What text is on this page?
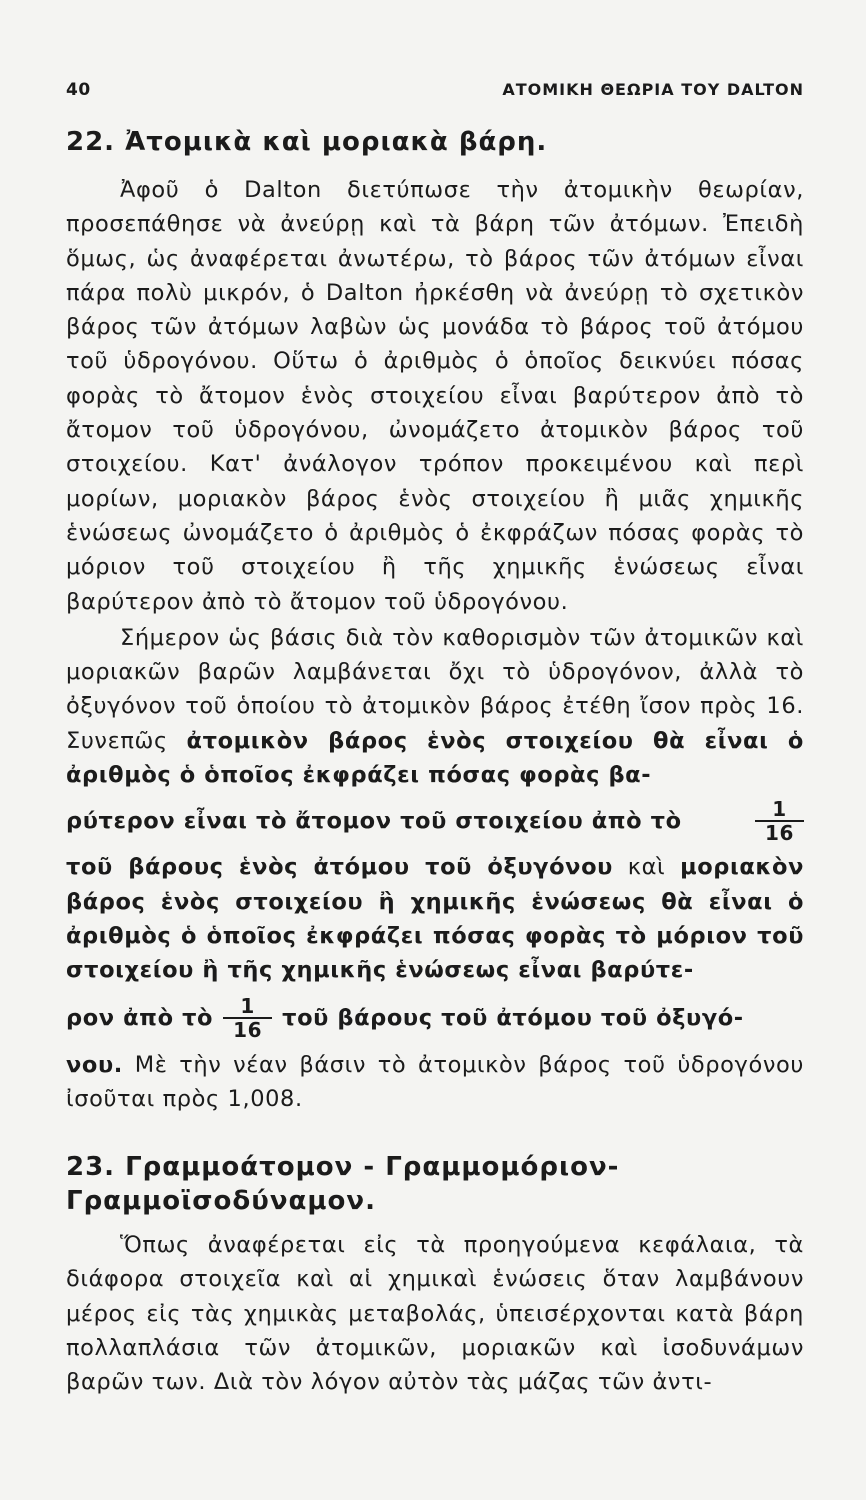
40	ΑΤΟΜΙΚΗ ΘΕΩΡΙΑ ΤΟΥ DALTON
22. Ἀτομικὰ καὶ μοριακὰ βάρη.

Ἀφοῦ ὁ Dalton διετύπωσε τὴν ἀτομικὴν θεωρίαν, προσεπάθησε νὰ ἀνεύρῃ καὶ τὰ βάρη τῶν ἀτόμων. Ἐπειδὴ ὅμως, ὡς ἀναφέρεται ἀνωτέρω, τὸ βάρος τῶν ἀτόμων εἶναι πάρα πολὺ μικρόν, ὁ Dalton ἠρκέσθη νὰ ἀνεύρῃ τὸ σχετικὸν βάρος τῶν ἀτόμων λαβὼν ὡς μονάδα τὸ βάρος τοῦ ἀτόμου τοῦ ὑδρογόνου. Οὕτω ὁ ἀριθμὸς ὁ ὁποῖος δεικνύει πόσας φορὰς τὸ ἄτομον ἑνὸς στοιχείου εἶναι βαρύτερον ἀπὸ τὸ ἄτομον τοῦ ὑδρογόνου, ὠνομάζετο ἀτομικὸν βάρος τοῦ στοιχείου. Κατ' ἀνάλογον τρόπον προκειμένου καὶ περὶ μορίων, μοριακὸν βάρος ἑνὸς στοιχείου ἢ μιᾶς χημικῆς ἑνώσεως ὠνομάζετο ὁ ἀριθμὸς ὁ ἐκφράζων πόσας φορὰς τὸ μόριον τοῦ στοιχείου ἢ τῆς χημικῆς ἑνώσεως εἶναι βαρύτερον ἀπὸ τὸ ἄτομον τοῦ ὑδρογόνου.

Σήμερον ὡς βάσις διὰ τὸν καθορισμὸν τῶν ἀτομικῶν καὶ μοριακῶν βαρῶν λαμβάνεται ὄχι τὸ ὑδρογόνον, ἀλλὰ τὸ ὀξυγόνον τοῦ ὁποίου τὸ ἀτομικὸν βάρος ἐτέθη ἴσον πρὸς 16. Συνεπῶς ἀτομικὸν βάρος ἑνὸς στοιχείου θὰ εἶναι ὁ ἀριθμὸς ὁ ὁποῖος ἐκφράζει πόσας φορὰς βα-

ρύτερον εἶναι τὸ ἄτομον τοῦ στοιχείου ἀπὸ τὸ	$\frac{1}{16}$

τοῦ βάρους ἑνὸς ἀτόμου τοῦ ὀξυγόνου καὶ μοριακὸν βάρος ἑνὸς στοιχείου ἢ χημικῆς ἑνώσεως θὰ εἶναι ὁ ἀριθμὸς ὁ ὁποῖος ἐκφράζει πόσας φορὰς τὸ μόριον τοῦ στοιχείου ἢ τῆς χημικῆς ἑνώσεως εἶναι βαρύτε-

ρον ἀπὸ τὸ $\frac{1}{16}$ τοῦ βάρους τοῦ ἀτόμου τοῦ ὀξυγό-

νου. Μὲ τὴν νέαν βάσιν τὸ ἀτομικὸν βάρος τοῦ ὑδρογόνου ἰσοῦται πρὸς 1,008.

23. Γραμμοάτομον - Γραμμομόριον-
Γραμμοϊσοδύναμον.

Ὅπως ἀναφέρεται εἰς τὰ προηγούμενα κεφάλαια, τὰ διάφορα στοιχεῖα καὶ αἱ χημικαὶ ἑνώσεις ὅταν λαμβάνουν μέρος εἰς τὰς χημικὰς μεταβολάς, ὑπεισέρχονται κατὰ βάρη πολλαπλάσια τῶν ἀτομικῶν, μοριακῶν καὶ ἰσοδυνάμων βαρῶν των. Διὰ τὸν λόγον αὐτὸν τὰς μάζας τῶν ἀντι-
